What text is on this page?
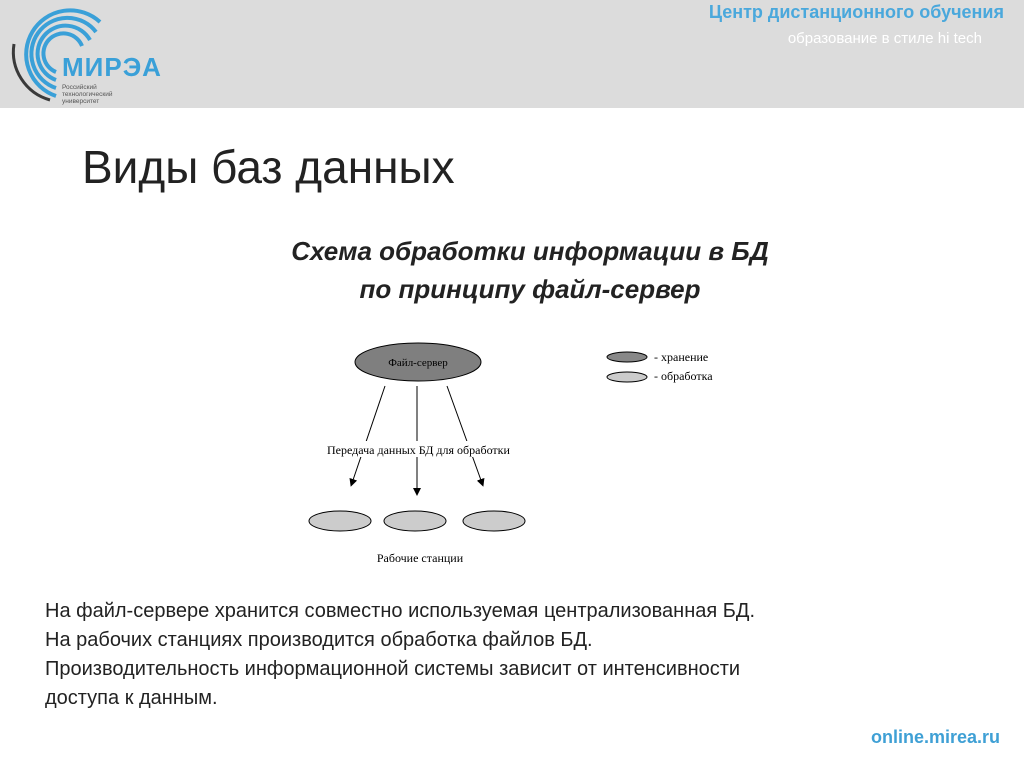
МИРЭА
Российский технологический университет
Центр дистанционного обучения
образование в стиле hi tech
Виды баз данных
Схема обработки информации в БД
по принципу файл-сервер
Файл-сервер
Передача данных БД для обработки
Рабочие станции
- хранение
- обработка
На файл-сервере хранится совместно используемая централизованная БД.
На рабочих станциях производится обработка файлов БД.
Производительность информационной системы зависит от интенсивности
доступа к данным.
online.mirea.ru
